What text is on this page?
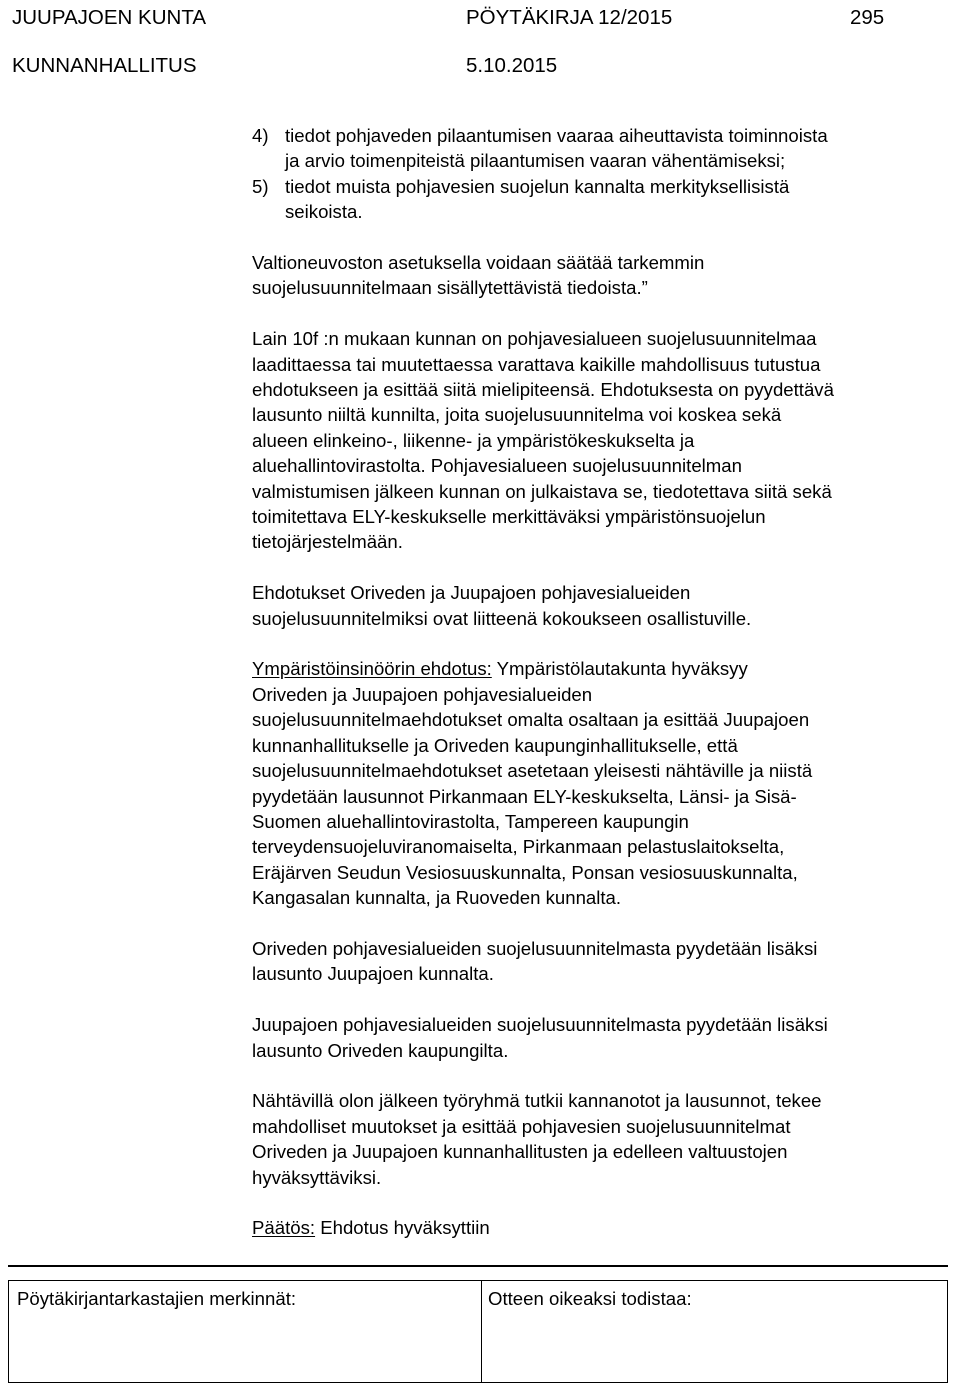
JUUPAJOEN KUNTA	PÖYTÄKIRJA 12/2015	295
KUNNANHALLITUS	5.10.2015
4) tiedot pohjaveden pilaantumisen vaaraa aiheuttavista toiminnoista
ja arvio toimenpiteistä pilaantumisen vaaran vähentämiseksi;
5) tiedot muista pohjavesien suojelun kannalta merkityksellisistä
seikoista.

Valtioneuvoston asetuksella voidaan säätää tarkemmin
suojelusuunnitelmaan sisällytettävistä tiedoista.”

Lain 10f :n mukaan kunnan on pohjavesialueen suojelusuunnitelmaa
laadittaessa tai muutettaessa varattava kaikille mahdollisuus tutustua
ehdotukseen ja esittää siitä mielipiteensä. Ehdotuksesta on pyydettävä
lausunto niiltä kunnilta, joita suojelusuunnitelma voi koskea sekä
alueen elinkeino-, liikenne- ja ympäristökeskukselta ja
aluehallintovirastolta. Pohjavesialueen suojelusuunnitelman
valmistumisen jälkeen kunnan on julkaistava se, tiedotettava siitä sekä
toimitettava ELY-keskukselle merkittäväksi ympäristönsuojelun
tietojärjestelmään.

Ehdotukset Oriveden ja Juupajoen pohjavesialueiden
suojelusuunnitelmiksi ovat liitteenä kokoukseen osallistuville.

Ympäristöinsinöörin ehdotus: Ympäristölautakunta hyväksyy
Oriveden ja Juupajoen pohjavesialueiden
suojelusuunnitelmaehdotukset omalta osaltaan ja esittää Juupajoen
kunnanhallitukselle ja Oriveden kaupunginhallitukselle, että
suojelusuunnitelmaehdotukset asetetaan yleisesti nähtäville ja niistä
pyydetään lausunnot Pirkanmaan ELY-keskukselta, Länsi- ja Sisä-
Suomen aluehallintovirastolta, Tampereen kaupungin
terveydensuojeluviranomaiselta, Pirkanmaan pelastuslaitokselta,
Eräjärven Seudun Vesiosuuskunnalta, Ponsan vesiosuuskunnalta,
Kangasalan kunnalta, ja Ruoveden kunnalta.

Oriveden pohjavesialueiden suojelusuunnitelmasta pyydetään lisäksi
lausunto Juupajoen kunnalta.

Juupajoen pohjavesialueiden suojelusuunnitelmasta pyydetään lisäksi
lausunto Oriveden kaupungilta.

Nähtävillä olon jälkeen työryhmä tutkii kannanotot ja lausunnot, tekee
mahdolliset muutokset ja esittää pohjavesien suojelusuunnitelmat
Oriveden ja Juupajoen kunnanhallitusten ja edelleen valtuustojen
hyväksyttäviksi.

Päätös: Ehdotus hyväksyttiin

Pöytäkirjantarkastajien merkinnät:	Otteen oikeaksi todistaa:
